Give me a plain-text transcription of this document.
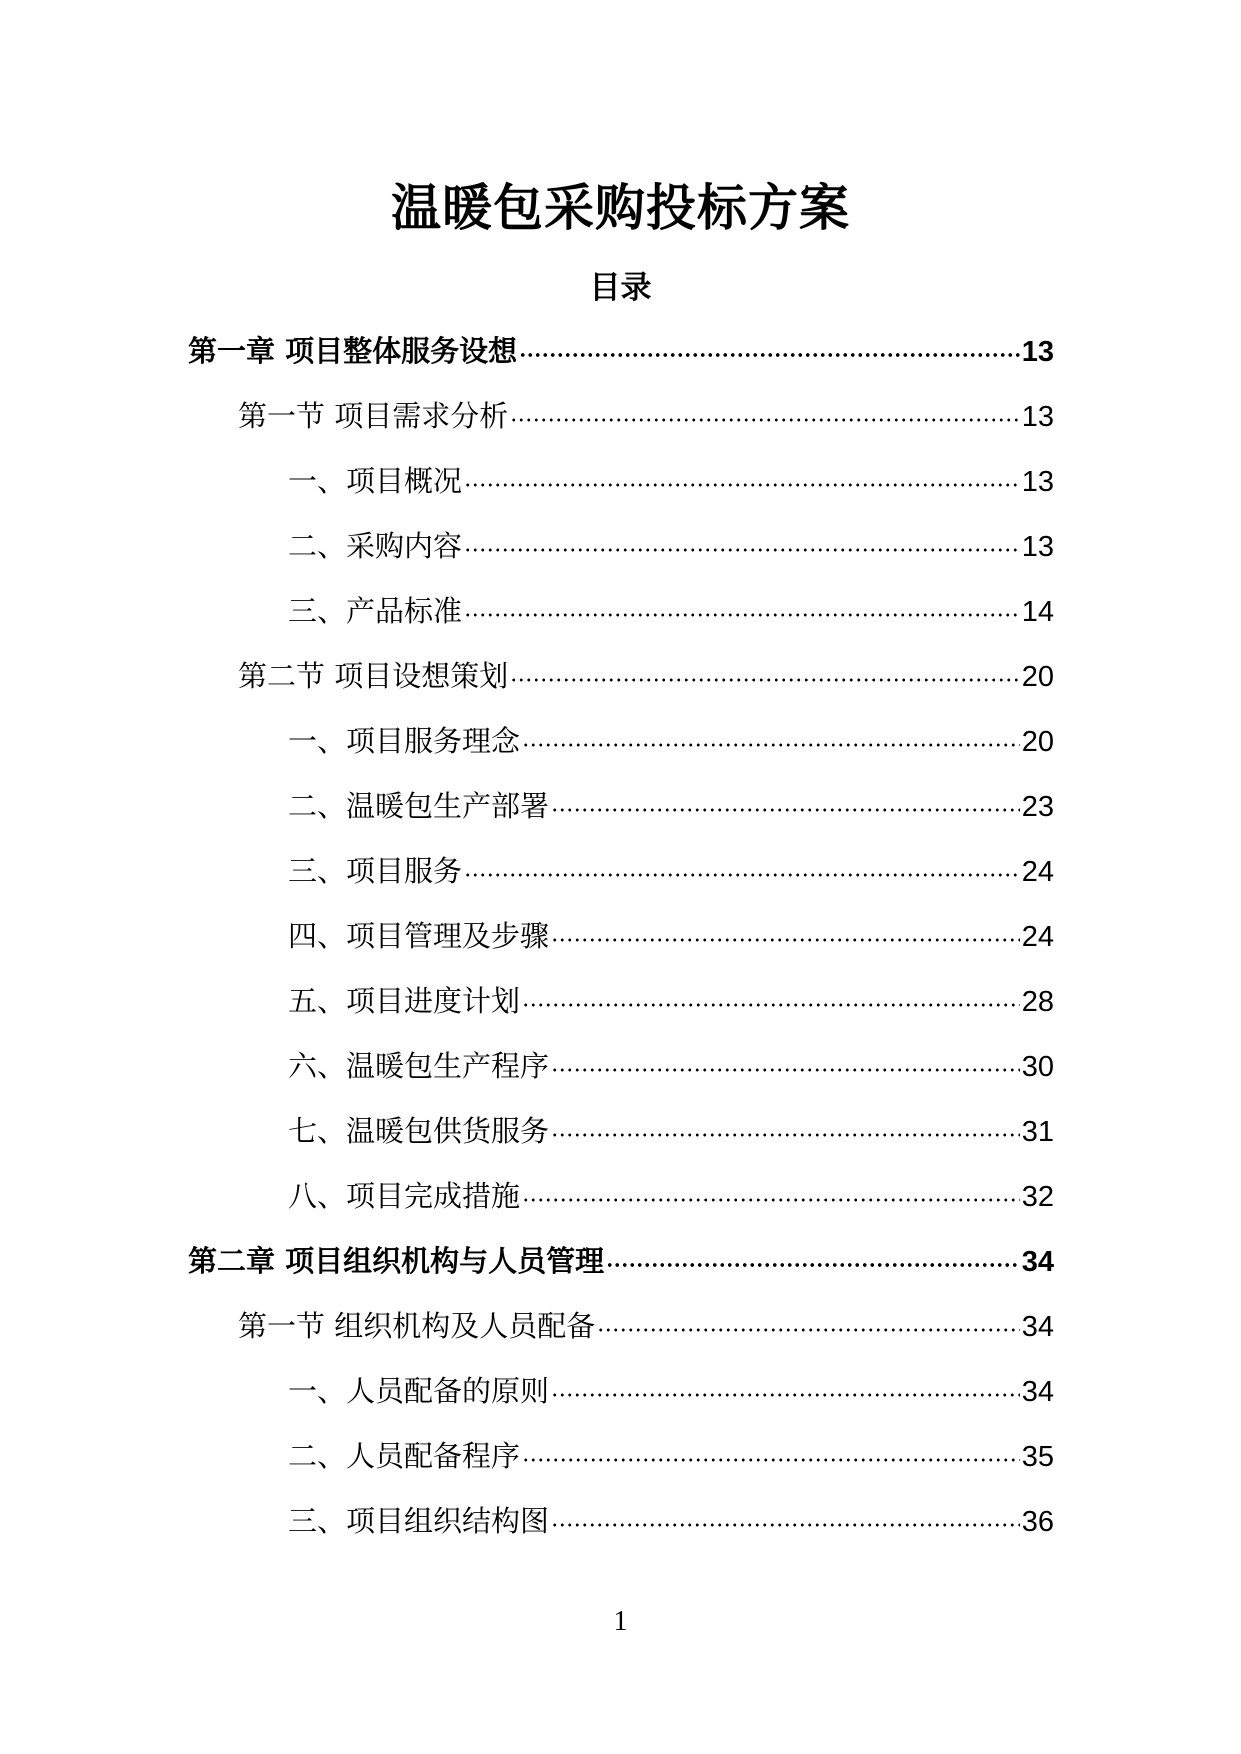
温暖包采购投标方案
目录
第一章 项目整体服务设想	13
第一节 项目需求分析	13
一、项目概况	13
二、采购内容	13
三、产品标准	14
第二节 项目设想策划	20
一、项目服务理念	20
二、温暖包生产部署	23
三、项目服务	24
四、项目管理及步骤	24
五、项目进度计划	28
六、温暖包生产程序	30
七、温暖包供货服务	31
八、项目完成措施	32
第二章 项目组织机构与人员管理	34
第一节 组织机构及人员配备	34
一、人员配备的原则	34
二、人员配备程序	35
三、项目组织结构图	36
1
